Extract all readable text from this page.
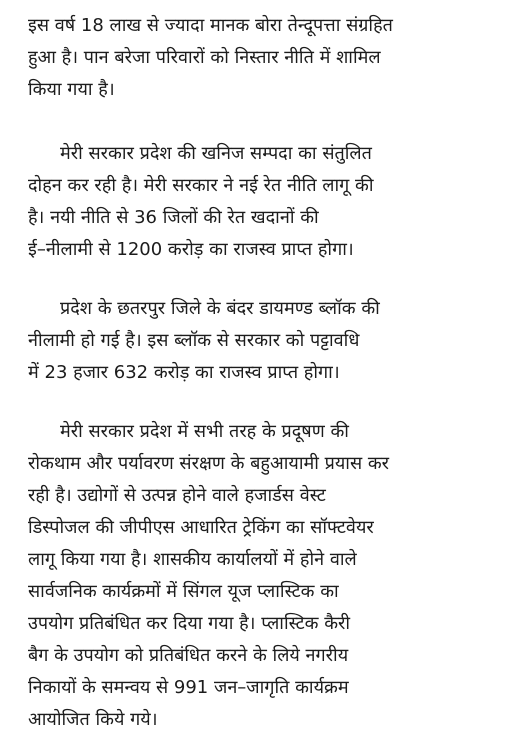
इस वर्ष 18 लाख से ज्यादा मानक बोरा तेन्दूपत्ता संग्रहित
हुआ है। पान बरेजा परिवारों को निस्तार नीति में शामिल
किया गया है।

मेरी सरकार प्रदेश की खनिज सम्पदा का संतुलित
दोहन कर रही है। मेरी सरकार ने नई रेत नीति लागू की
है। नयी नीति से 36 जिलों की रेत खदानों की
ई–नीलामी से 1200 करोड़ का राजस्व प्राप्त होगा।

प्रदेश के छतरपुर जिले के बंदर डायमण्ड ब्लॉक की
नीलामी हो गई है। इस ब्लॉक से सरकार को पट्टावधि
में 23 हजार 632 करोड़ का राजस्व प्राप्त होगा।

मेरी सरकार प्रदेश में सभी तरह के प्रदूषण की
रोकथाम और पर्यावरण संरक्षण के बहुआयामी प्रयास कर
रही है। उद्योगों से उत्पन्न होने वाले हजार्डस वेस्ट
डिस्पोजल की जीपीएस आधारित ट्रेकिंग का सॉफ्टवेयर
लागू किया गया है। शासकीय कार्यालयों में होने वाले
सार्वजनिक कार्यक्रमों में सिंगल यूज प्लास्टिक का
उपयोग प्रतिबंधित कर दिया गया है। प्लास्टिक कैरी
बैग के उपयोग को प्रतिबंधित करने के लिये नगरीय
निकायों के समन्वय से 991 जन–जागृति कार्यक्रम
आयोजित किये गये।
